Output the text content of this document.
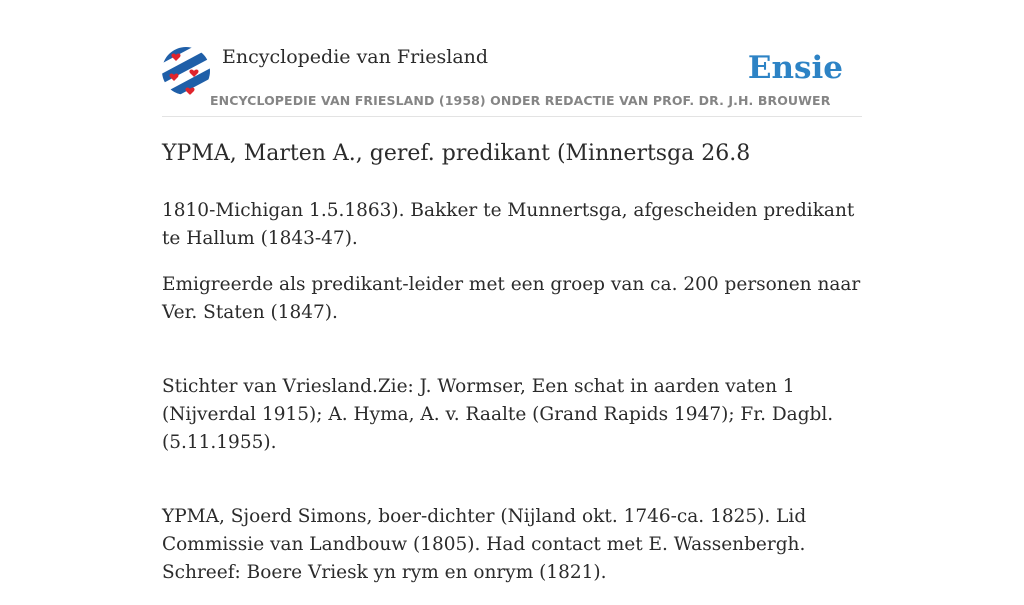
Encyclopedie van Friesland	Ensie
ENCYCLOPEDIE VAN FRIESLAND (1958) ONDER REDACTIE VAN PROF. DR. J.H. BROUWER
YPMA, Marten A., geref. predikant (Minnertsga 26.8

1810-Michigan 1.5.1863). Bakker te Munnertsga, afgescheiden predikant te Hallum (1843-47).

Emigreerde als predikant-leider met een groep van ca. 200 personen naar Ver. Staten (1847).

Stichter van Vriesland.Zie: J. Wormser, Een schat in aarden vaten 1 (Nijverdal 1915); A. Hyma, A. v. Raalte (Grand Rapids 1947); Fr. Dagbl. (5.11.1955).

YPMA, Sjoerd Simons, boer-dichter (Nijland okt. 1746-ca. 1825). Lid Commissie van Landbouw (1805). Had contact met E. Wassenbergh. Schreef: Boere Vriesk yn rym en onrym (1821).
